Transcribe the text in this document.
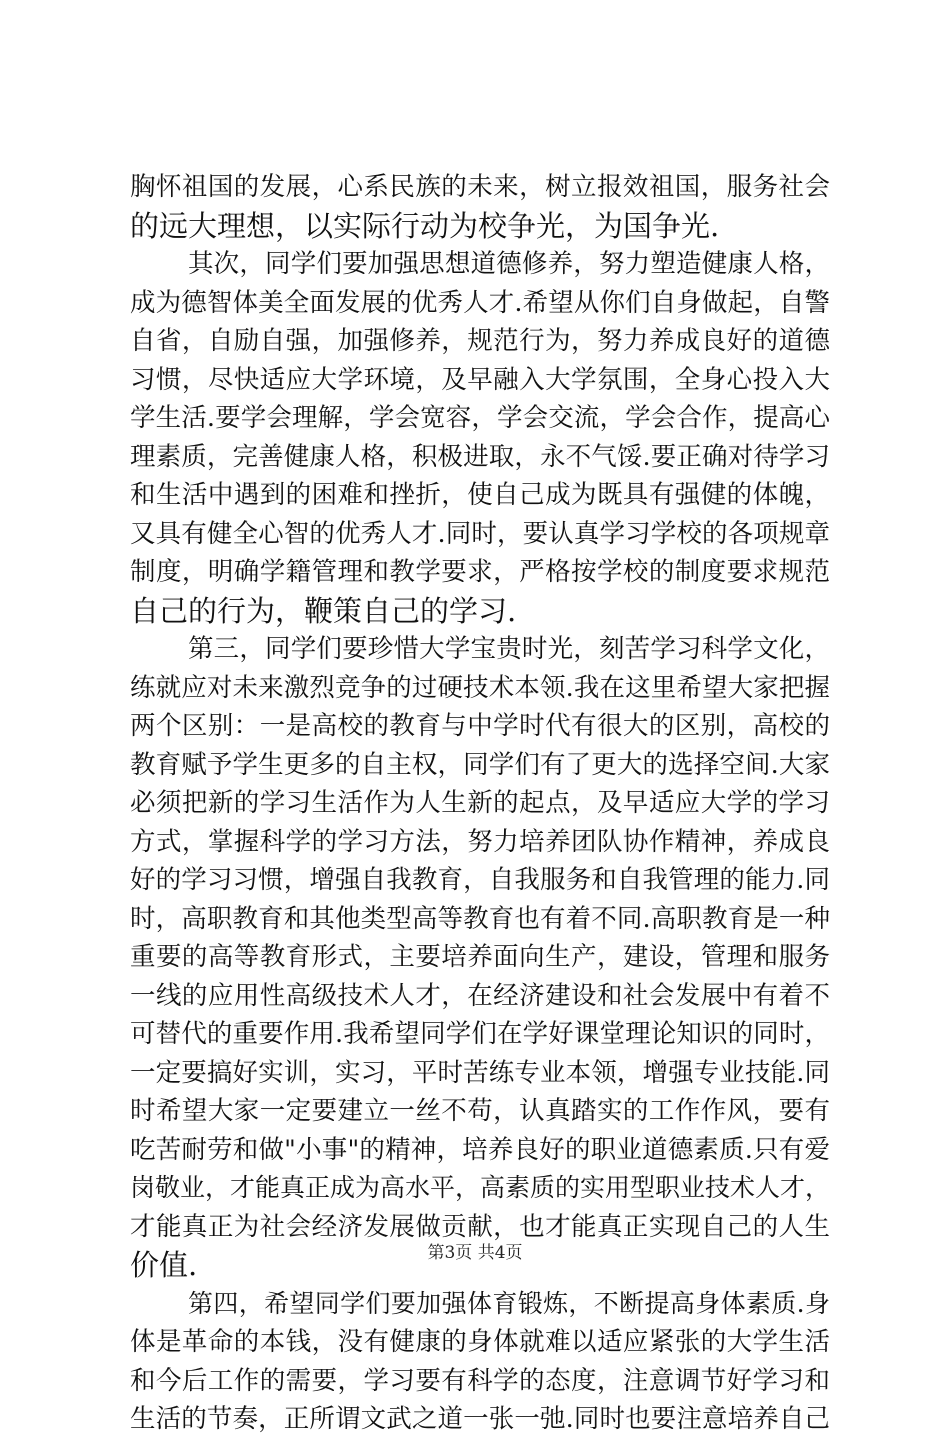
胸怀祖国的发展，心系民族的未来，树立报效祖国，服务社会
的远大理想，以实际行动为校争光，为国争光.
其次，同学们要加强思想道德修养，努力塑造健康人格，
成为德智体美全面发展的优秀人才.希望从你们自身做起，自警
自省，自励自强，加强修养，规范行为，努力养成良好的道德
习惯，尽快适应大学环境，及早融入大学氛围，全身心投入大
学生活.要学会理解，学会宽容，学会交流，学会合作，提高心
理素质，完善健康人格，积极进取，永不气馁.要正确对待学习
和生活中遇到的困难和挫折，使自己成为既具有强健的体魄，
又具有健全心智的优秀人才.同时，要认真学习学校的各项规章
制度，明确学籍管理和教学要求，严格按学校的制度要求规范
自己的行为，鞭策自己的学习.
第三，同学们要珍惜大学宝贵时光，刻苦学习科学文化，
练就应对未来激烈竞争的过硬技术本领.我在这里希望大家把握
两个区别：一是高校的教育与中学时代有很大的区别，高校的
教育赋予学生更多的自主权，同学们有了更大的选择空间.大家
必须把新的学习生活作为人生新的起点，及早适应大学的学习
方式，掌握科学的学习方法，努力培养团队协作精神，养成良
好的学习习惯，增强自我教育，自我服务和自我管理的能力.同
时，高职教育和其他类型高等教育也有着不同.高职教育是一种
重要的高等教育形式，主要培养面向生产，建设，管理和服务
一线的应用性高级技术人才，在经济建设和社会发展中有着不
可替代的重要作用.我希望同学们在学好课堂理论知识的同时，
一定要搞好实训，实习，平时苦练专业本领，增强专业技能.同
时希望大家一定要建立一丝不苟，认真踏实的工作作风，要有
吃苦耐劳和做"小事"的精神，培养良好的职业道德素质.只有爱
岗敬业，才能真正成为高水平，高素质的实用型职业技术人才，
才能真正为社会经济发展做贡献，也才能真正实现自己的人生
价值.
第四，希望同学们要加强体育锻炼，不断提高身体素质.身
体是革命的本钱，没有健康的身体就难以适应紧张的大学生活
和今后工作的需要，学习要有科学的态度，注意调节好学习和
生活的节奏，正所谓文武之道一张一弛.同时也要注意培养自己
第3页 共4页
